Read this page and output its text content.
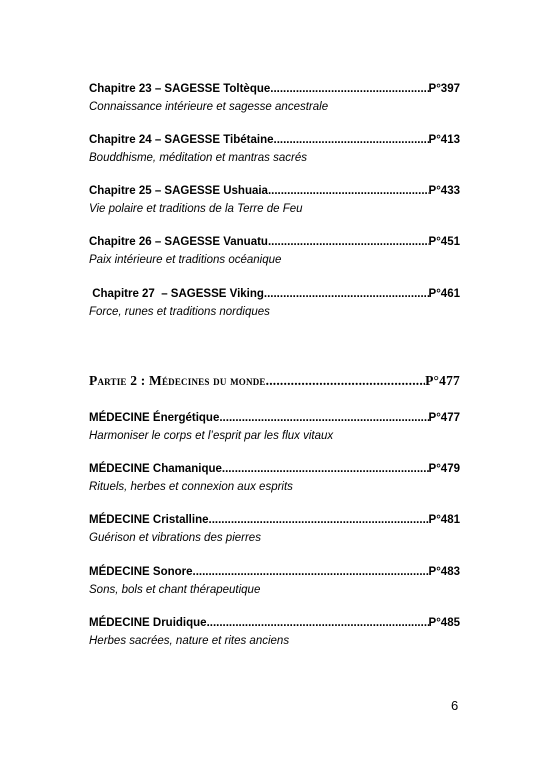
Chapitre 23 – SAGESSE Toltèque .....	P°397
Connaissance intérieure et sagesse ancestrale
Chapitre 24 – SAGESSE Tibétaine .....	P°413
Bouddhisme, méditation et mantras sacrés
Chapitre 25 – SAGESSE Ushuaia .....	P°433
Vie polaire et traditions de la Terre de Feu
Chapitre 26 – SAGESSE Vanuatu .....	P°451
Paix intérieure et traditions océanique
Chapitre 27  – SAGESSE Viking .....	P°461
Force, runes et traditions nordiques
Partie 2 : Médecines du monde .....	P°477
MÉDECINE Énergétique .....	P°477
Harmoniser le corps et l’esprit par les flux vitaux
MÉDECINE Chamanique .....	P°479
Rituels, herbes et connexion aux esprits
MÉDECINE Cristalline .....	P°481
Guérison et vibrations des pierres
MÉDECINE Sonore .....	P°483
Sons, bols et chant thérapeutique
MÉDECINE Druidique .....	P°485
Herbes sacrées, nature et rites anciens
6
